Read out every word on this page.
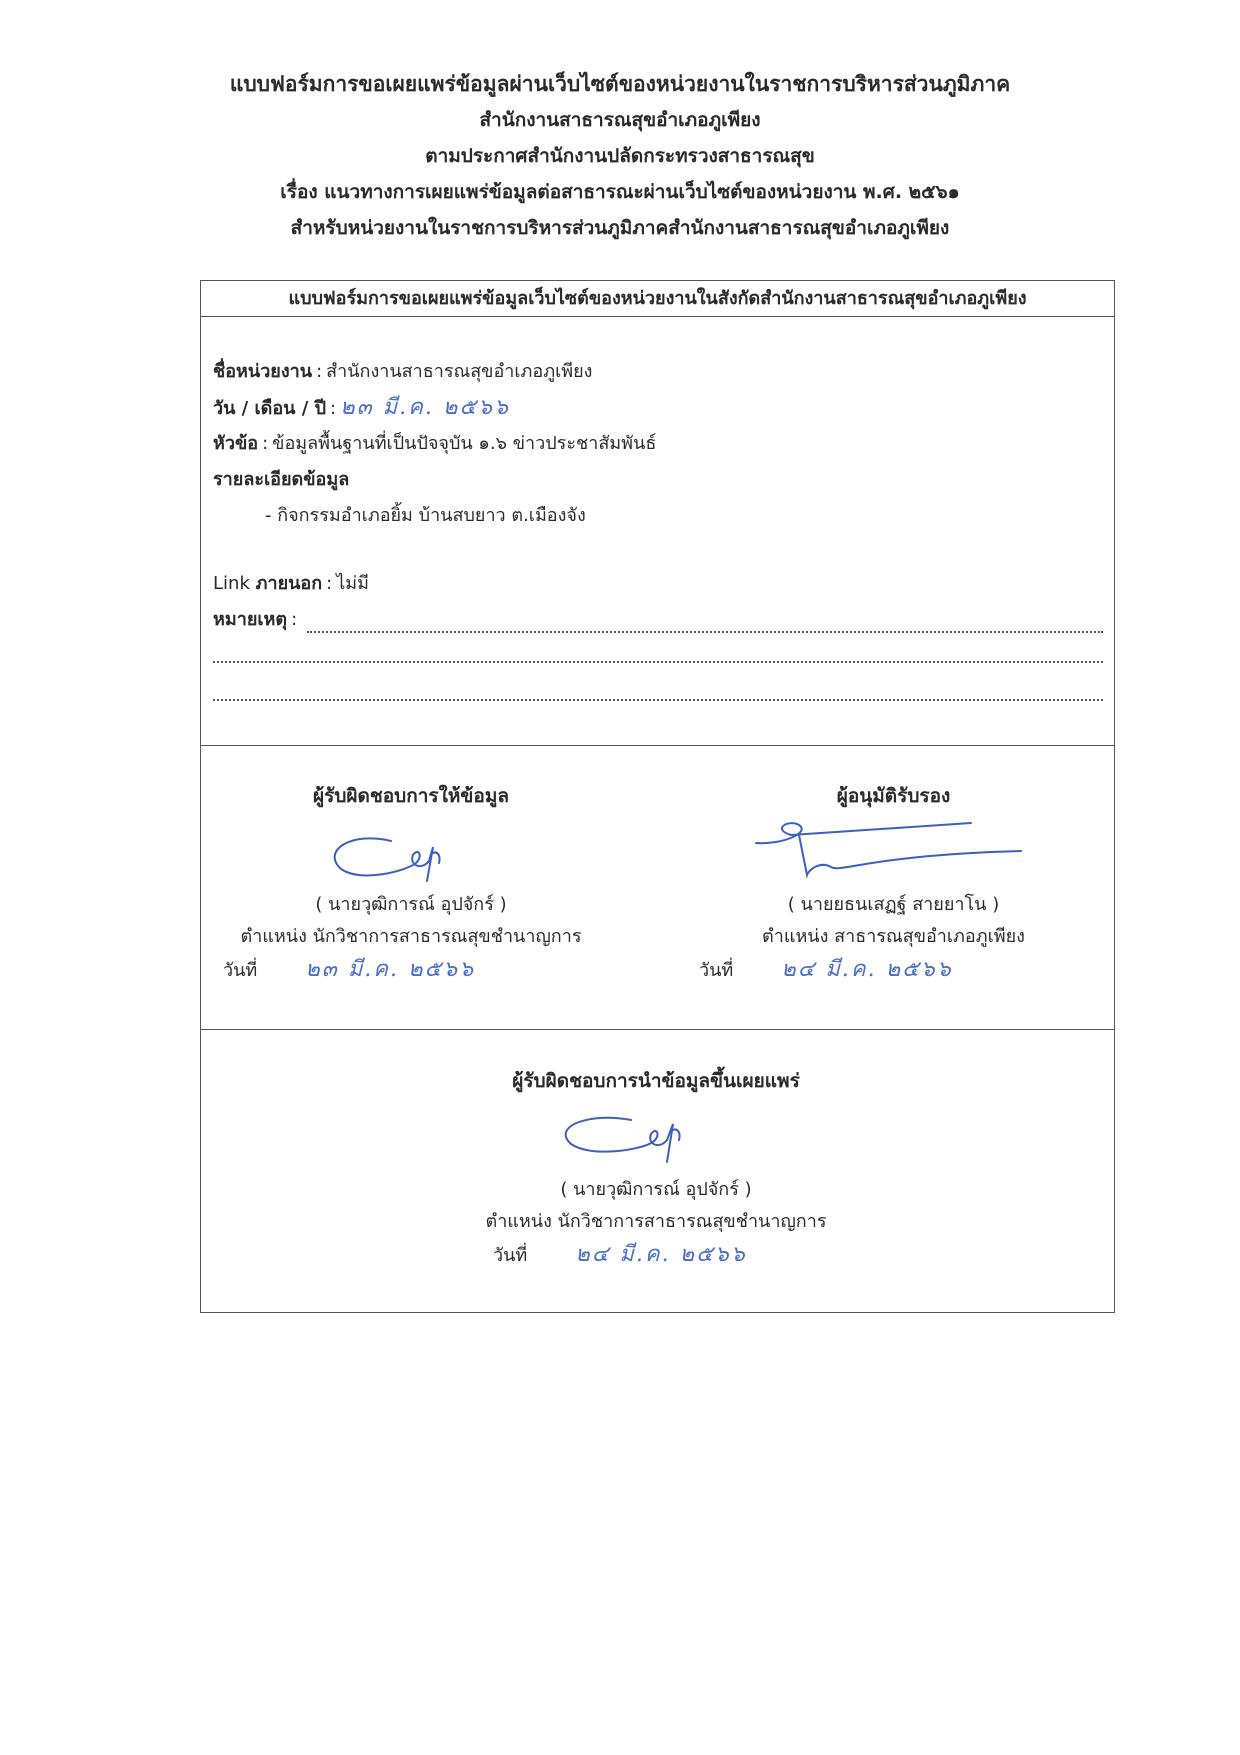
แบบฟอร์มการขอเผยแพร่ข้อมูลผ่านเว็บไซต์ของหน่วยงานในราชการบริหารส่วนภูมิภาค
สำนักงานสาธารณสุขอำเภอภูเพียง
ตามประกาศสำนักงานปลัดกระทรวงสาธารณสุข
เรื่อง แนวทางการเผยแพร่ข้อมูลต่อสาธารณะผ่านเว็บไซต์ของหน่วยงาน พ.ศ. ๒๕๖๑
สำหรับหน่วยงานในราชการบริหารส่วนภูมิภาคสำนักงานสาธารณสุขอำเภอภูเพียง
แบบฟอร์มการขอเผยแพร่ข้อมูลเว็บไซต์ของหน่วยงานในสังกัดสำนักงานสาธารณสุขอำเภอภูเพียง
ชื่อหน่วยงาน : สำนักงานสาธารณสุขอำเภอภูเพียง
วัน / เดือน / ปี : ๒๓ มี.ค. ๒๕๖๖
หัวข้อ : ข้อมูลพื้นฐานที่เป็นปัจจุบัน ๑.๖ ข่าวประชาสัมพันธ์
รายละเอียดข้อมูล
- กิจกรรมอำเภอยิ้ม บ้านสบยาว ต.เมืองจัง
Link ภายนอก : ไม่มี
หมายเหตุ :
ผู้รับผิดชอบการให้ข้อมูล
( นายวุฒิการณ์ อุปจักร์ )
ตำแหน่ง นักวิชาการสาธารณสุขชำนาญการ
วันที่ ๒๓ มี.ค. ๒๕๖๖
ผู้อนุมัติรับรอง
( นายยธนเสฏฐ์ สายยาโน )
ตำแหน่ง สาธารณสุขอำเภอภูเพียง
วันที่ ๒๔ มี.ค. ๒๕๖๖
ผู้รับผิดชอบการนำข้อมูลขึ้นเผยแพร่
( นายวุฒิการณ์ อุปจักร์ )
ตำแหน่ง นักวิชาการสาธารณสุขชำนาญการ
วันที่ ๒๔ มี.ค. ๒๕๖๖
